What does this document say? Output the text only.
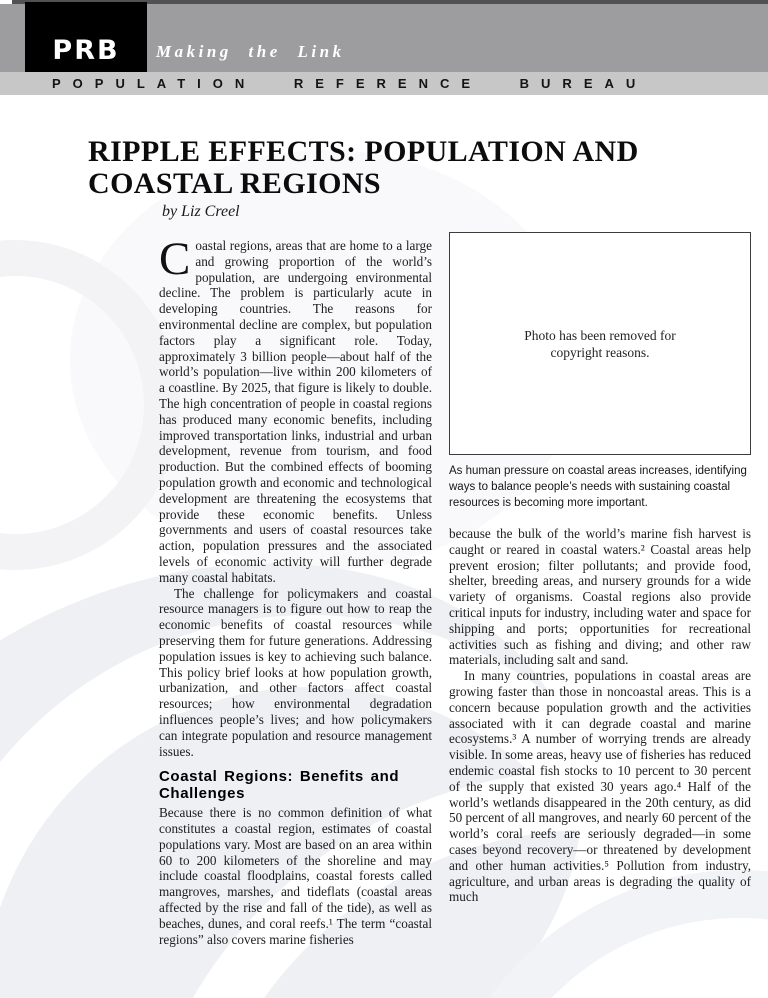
PRB Making the Link
POPULATION REFERENCE BUREAU
RIPPLE EFFECTS: POPULATION AND COASTAL REGIONS
by Liz Creel

Coastal regions, areas that are home to a large and growing proportion of the world’s population, are undergoing environmental decline. The problem is particularly acute in developing countries. The reasons for environmental decline are complex, but population factors play a significant role. Today, approximately 3 billion people—about half of the world’s population—live within 200 kilometers of a coastline. By 2025, that figure is likely to double. The high concentration of people in coastal regions has produced many economic benefits, including improved transportation links, industrial and urban development, revenue from tourism, and food production. But the combined effects of booming population growth and economic and technological development are threatening the ecosystems that provide these economic benefits. Unless governments and users of coastal resources take action, population pressures and the associated levels of economic activity will further degrade many coastal habitats.

The challenge for policymakers and coastal resource managers is to figure out how to reap the economic benefits of coastal resources while preserving them for future generations. Addressing population issues is key to achieving such balance. This policy brief looks at how population growth, urbanization, and other factors affect coastal resources; how environmental degradation influences people’s lives; and how policymakers can integrate population and resource management issues.

Coastal Regions: Benefits and Challenges

Because there is no common definition of what constitutes a coastal region, estimates of coastal populations vary. Most are based on an area within 60 to 200 kilometers of the shoreline and may include coastal floodplains, coastal forests called mangroves, marshes, and tideflats (coastal areas affected by the rise and fall of the tide), as well as beaches, dunes, and coral reefs.¹ The term “coastal regions” also covers marine fisheries

Photo has been removed for copyright reasons.
As human pressure on coastal areas increases, identifying ways to balance people’s needs with sustaining coastal resources is becoming more important.

because the bulk of the world’s marine fish harvest is caught or reared in coastal waters.² Coastal areas help prevent erosion; filter pollutants; and provide food, shelter, breeding areas, and nursery grounds for a wide variety of organisms. Coastal regions also provide critical inputs for industry, including water and space for shipping and ports; opportunities for recreational activities such as fishing and diving; and other raw materials, including salt and sand.

In many countries, populations in coastal areas are growing faster than those in noncoastal areas. This is a concern because population growth and the activities associated with it can degrade coastal and marine ecosystems.³ A number of worrying trends are already visible. In some areas, heavy use of fisheries has reduced endemic coastal fish stocks to 10 percent to 30 percent of the supply that existed 30 years ago.⁴ Half of the world’s wetlands disappeared in the 20th century, as did 50 percent of all mangroves, and nearly 60 percent of the world’s coral reefs are seriously degraded—in some cases beyond recovery—or threatened by development and other human activities.⁵ Pollution from industry, agriculture, and urban areas is degrading the quality of much
